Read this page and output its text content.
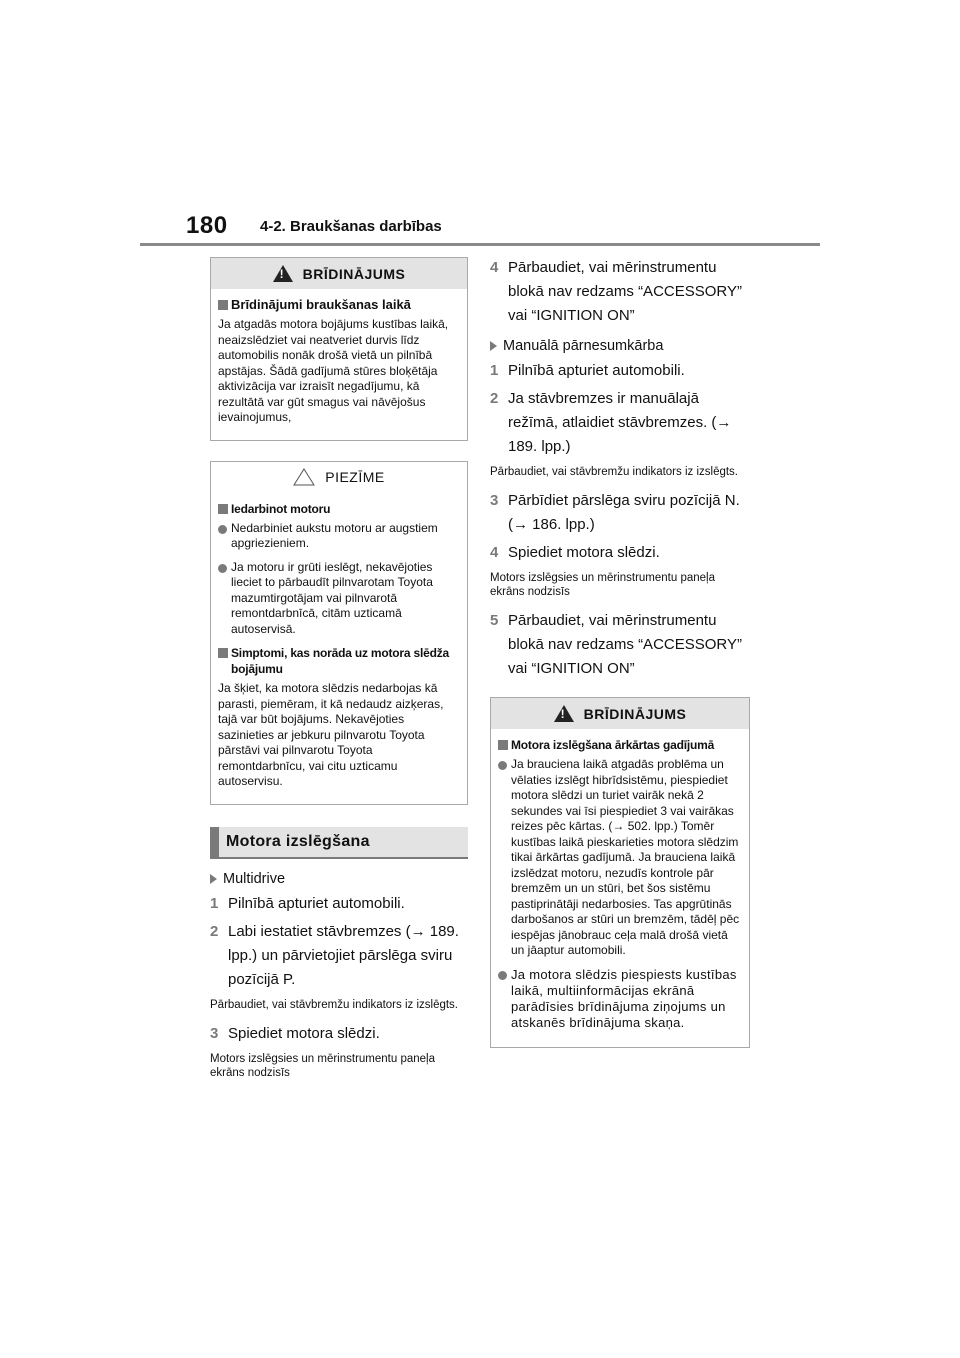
180 4-2. Braukšanas darbības
!
BRĪDINĀJUMS
Brīdinājumi braukšanas laikā

Ja atgadās motora bojājums kustības laikā, neaizslēdziet vai neatveriet durvis līdz automobilis nonāk drošā vietā un pilnībā apstājas. Šādā gadījumā stūres bloķētāja aktivizācija var izraisīt negadījumu, kā rezultātā var gūt smagus vai nāvējošus ievainojumus,

PIEZĪME
Iedarbinot motoru
Nedarbiniet aukstu motoru ar augstiem apgriezieniem.
Ja motoru ir grūti ieslēgt, nekavējoties lieciet to pārbaudīt pilnvarotam Toyota mazumtirgotājam vai pilnvarotā remontdarbnīcā, citām uzticamā autoservisā.
Simptomi, kas norāda uz motora slēdža bojājumu

Ja šķiet, ka motora slēdzis nedarbojas kā parasti, piemēram, it kā nedaudz aizķeras, tajā var būt bojājums. Nekavējoties sazinieties ar jebkuru pilnvarotu Toyota pārstāvi vai pilnvarotu Toyota remontdarbnīcu, vai citu uzticamu autoservisu.

Motora izslēgšana
Multidrive
1 Pilnībā apturiet automobili.
2 Labi iestatiet stāvbremzes (→ 189. lpp.) un pārvietojiet pārslēga sviru pozīcijā P.
Pārbaudiet, vai stāvbremžu indikators iz izslēgts.
3 Spiediet motora slēdzi.
Motors izslēgsies un mērinstrumentu paneļa ekrāns nodzisīs
4 Pārbaudiet, vai mērinstrumentu blokā nav redzams “ACCESSORY” vai “IGNITION ON”
Manuālā pārnesumkārba
1 Pilnībā apturiet automobili.
2 Ja stāvbremzes ir manuālajā režīmā, atlaidiet stāvbremzes. (→ 189. lpp.)
Pārbaudiet, vai stāvbremžu indikators iz izslēgts.
3 Pārbīdiet pārslēga sviru pozīcijā N. (→ 186. lpp.)
4 Spiediet motora slēdzi.
Motors izslēgsies un mērinstrumentu paneļa ekrāns nodzisīs
5 Pārbaudiet, vai mērinstrumentu blokā nav redzams “ACCESSORY” vai “IGNITION ON”
!
BRĪDINĀJUMS
Motora izslēgšana ārkārtas gadījumā
Ja brauciena laikā atgadās problēma un vēlaties izslēgt hibrīdsistēmu, piespiediet motora slēdzi un turiet vairāk nekā 2 sekundes vai īsi piespiediet 3 vai vairākas reizes pēc kārtas. (→ 502. lpp.) Tomēr kustības laikā pieskarieties motora slēdzim tikai ārkārtas gadījumā. Ja brauciena laikā izslēdzat motoru, nezudīs kontrole pār bremzēm un un stūri, bet šos sistēmu pastiprinātāji nedarbosies. Tas apgrūtinās darbošanos ar stūri un bremzēm, tādēļ pēc iespējas jānobrauc ceļa malā drošā vietā un jāaptur automobili.
Ja motora slēdzis piespiests kustības laikā, multiinformācijas ekrānā parādīsies brīdinājuma ziņojums un atskanēs brīdinājuma skaņa.
